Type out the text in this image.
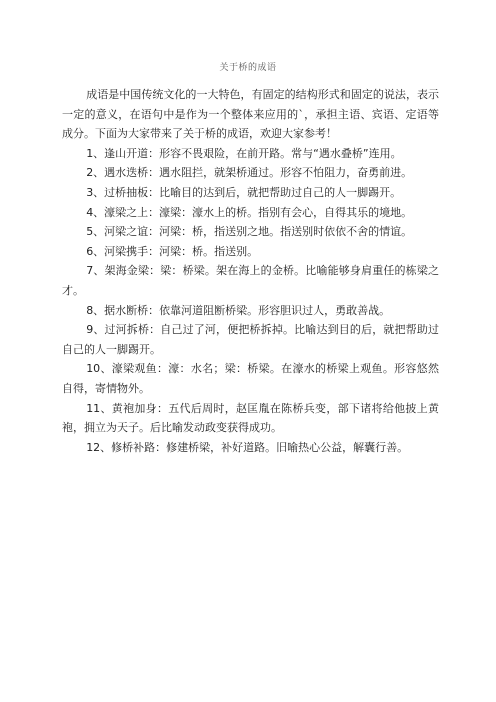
关于桥的成语

成语是中国传统文化的一大特色，有固定的结构形式和固定的说法，表示一定的意义，在语句中是作为一个整体来应用的`，承担主语、宾语、定语等成分。下面为大家带来了关于桥的成语，欢迎大家参考！

1、逢山开道：形容不畏艰险，在前开路。常与“遇水叠桥”连用。

2、遇水迭桥：遇水阻拦，就架桥通过。形容不怕阻力，奋勇前进。

3、过桥抽板：比喻目的达到后，就把帮助过自己的人一脚踢开。

4、濠梁之上：濠梁：濠水上的桥。指别有会心，自得其乐的境地。

5、河梁之谊：河梁：桥，指送别之地。指送别时依依不舍的情谊。

6、河梁携手：河梁：桥。指送别。

7、架海金梁：梁：桥梁。架在海上的金桥。比喻能够身肩重任的栋梁之才。

8、据水断桥：依靠河道阻断桥梁。形容胆识过人，勇敢善战。

9、过河拆桥：自己过了河，便把桥拆掉。比喻达到目的后，就把帮助过自己的人一脚踢开。

10、濠梁观鱼：濠：水名；梁：桥梁。在濠水的桥梁上观鱼。形容悠然自得，寄情物外。

11、黄袍加身：五代后周时，赵匡胤在陈桥兵变，部下诸将给他披上黄袍，拥立为天子。后比喻发动政变获得成功。

12、修桥补路：修建桥梁，补好道路。旧喻热心公益，解囊行善。
